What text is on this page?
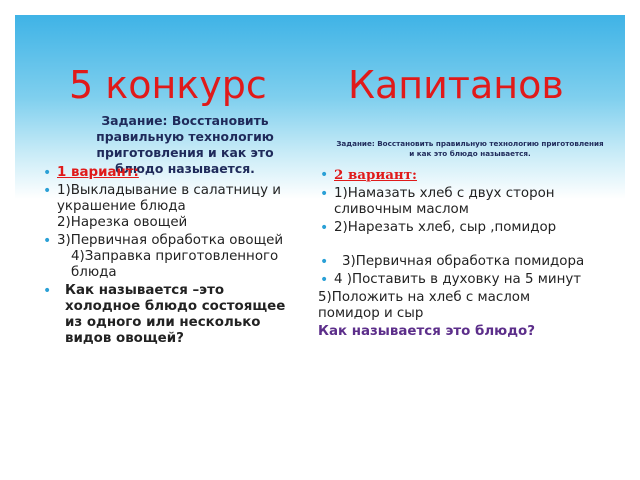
5 конкурс Капитанов
Задание: Восстановить правильную технологию приготовления и как это блюдо называется.
Задание: Восстановить правильную технологию приготовления и как это блюдо называется.
• 1 вариант:
• 1)Выкладывание в салатницу и украшение блюда
2)Нарезка овощей
• 3)Первичная обработка овощей
4)Заправка приготовленного блюда
• Как называется –это холодное блюдо состоящее из одного или несколько видов овощей?
• 2 вариант:
• 1)Намазать хлеб с двух сторон сливочным маслом
• 2)Нарезать хлеб, сыр ,помидор
• 3)Первичная обработка помидора
• 4 )Поставить в духовку на 5 минут
5)Положить на хлеб с маслом помидор и сыр
Как называется это блюдо?
